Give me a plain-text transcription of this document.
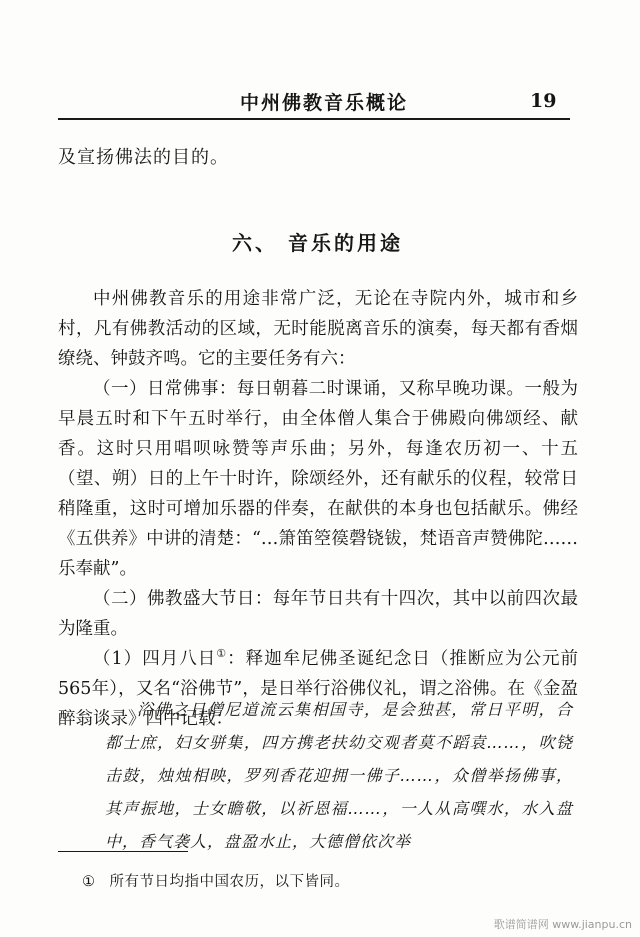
中州佛教音乐概论	19
及宣扬佛法的目的。
六、 音乐的用途

中州佛教音乐的用途非常广泛，无论在寺院内外，城市和乡村，凡有佛教活动的区域，无时能脱离音乐的演奏，每天都有香烟缭绕、钟鼓齐鸣。它的主要任务有六：

（一）日常佛事：每日朝暮二时课诵，又称早晚功课。一般为早晨五时和下午五时举行，由全体僧人集合于佛殿向佛颂经、献香。这时只用唱呗咏赞等声乐曲；另外，每逢农历初一、十五（望、朔）日的上午十时许，除颂经外，还有献乐的仪程，较常日稍隆重，这时可增加乐器的伴奏，在献供的本身也包括献乐。佛经《五供养》中讲的清楚：“…箫笛箜篌磬铙钹，梵语音声赞佛陀……乐奉献”。

（二）佛教盛大节日：每年节日共有十四次，其中以前四次最为隆重。

（1）四月八日①：释迦牟尼佛圣诞纪念日（推断应为公元前565年），又名“浴佛节”，是日举行浴佛仪礼，谓之浴佛。在《金盈醉翁谈录》四中记载：

浴佛之日僧尼道流云集相国寺，是会独甚，常日平明，合都士庶，妇女骈集，四方携老扶幼交观者莫不蹈袁……，吹铙击鼓，烛烛相映，罗列香花迎拥一佛子……，众僧举扬佛事，其声振地，士女瞻敬，以祈恩福……，一人从高噀水，水入盘中，香气袭人，盘盈水止，大德僧依次举
① 所有节日均指中国农历，以下皆同。
歌谱简谱网 www.jianpu.cn
